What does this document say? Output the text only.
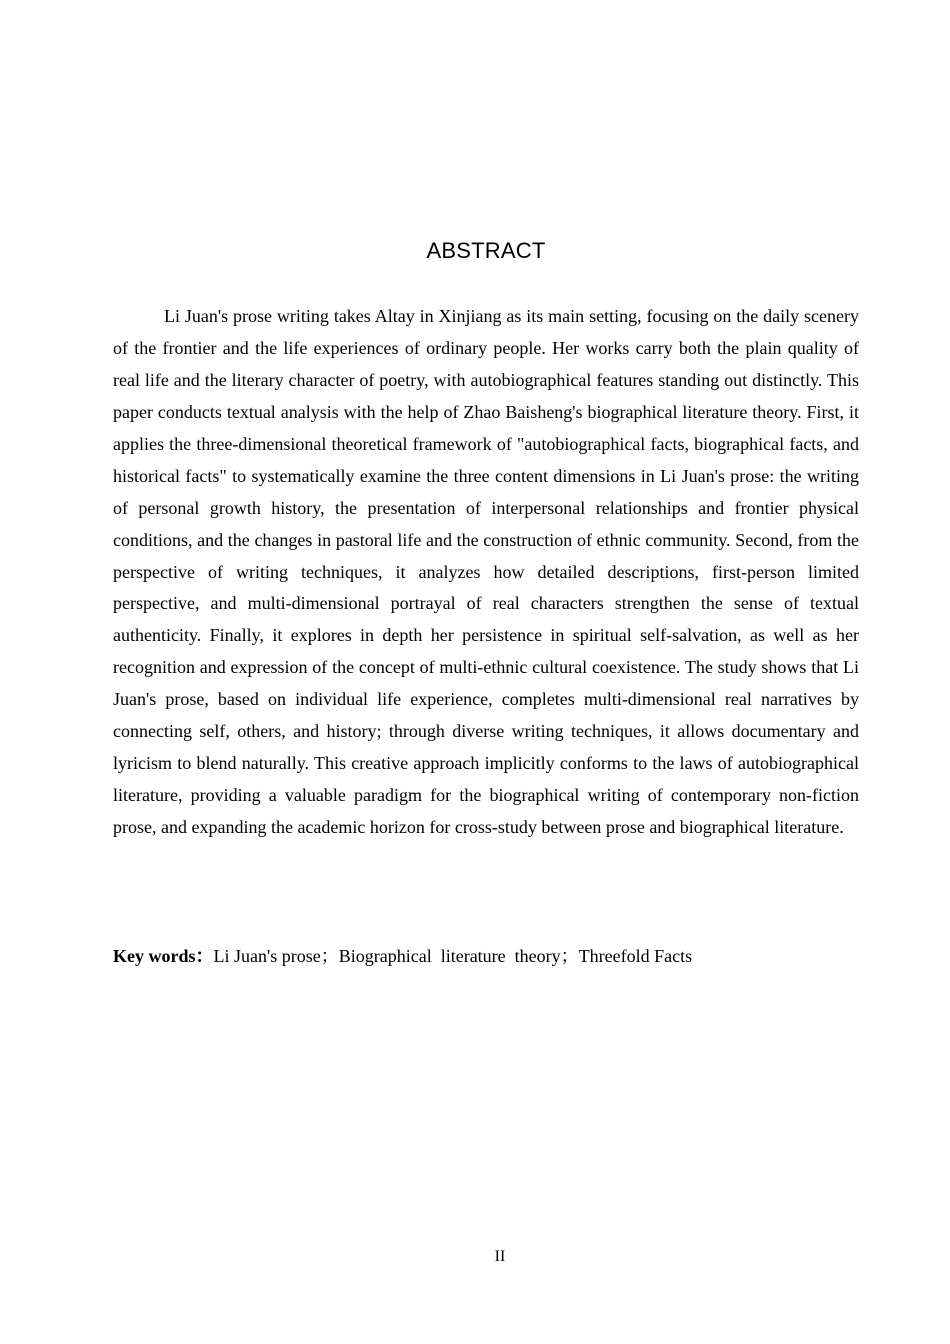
ABSTRACT

Li Juan's prose writing takes Altay in Xinjiang as its main setting, focusing on the daily scenery of the frontier and the life experiences of ordinary people. Her works carry both the plain quality of real life and the literary character of poetry, with autobiographical features standing out distinctly. This paper conducts textual analysis with the help of Zhao Baisheng's biographical literature theory. First, it applies the three-dimensional theoretical framework of "autobiographical facts, biographical facts, and historical facts" to systematically examine the three content dimensions in Li Juan's prose: the writing of personal growth history, the presentation of interpersonal relationships and frontier physical conditions, and the changes in pastoral life and the construction of ethnic community. Second, from the perspective of writing techniques, it analyzes how detailed descriptions, first-person limited perspective, and multi-dimensional portrayal of real characters strengthen the sense of textual authenticity. Finally, it explores in depth her persistence in spiritual self-salvation, as well as her recognition and expression of the concept of multi-ethnic cultural coexistence. The study shows that Li Juan's prose, based on individual life experience, completes multi-dimensional real narratives by connecting self, others, and history; through diverse writing techniques, it allows documentary and lyricism to blend naturally. This creative approach implicitly conforms to the laws of autobiographical literature, providing a valuable paradigm for the biographical writing of contemporary non-fiction prose, and expanding the academic horizon for cross-study between prose and biographical literature.

Key words：Li Juan's prose；Biographical  literature  theory；Threefold Facts

II
